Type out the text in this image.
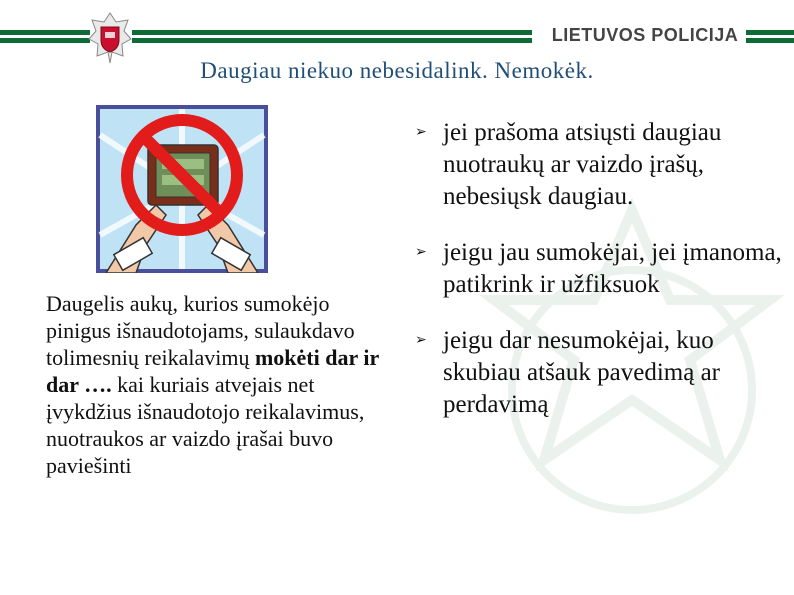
LIETUVOS POLICIJA
Daugiau niekuo nebesidalink. Nemokėk.
Daugelis aukų, kurios sumokėjo pinigus išnaudotojams, sulaukdavo tolimesnių reikalavimų mokėti dar ir dar …. kai kuriais atvejais net įvykdžius išnaudotojo reikalavimus, nuotraukos ar vaizdo įrašai buvo paviešinti
➢ jei prašoma atsiųsti daugiau nuotraukų ar vaizdo įrašų, nebesiųsk daugiau.
➢ jeigu jau sumokėjai, jei įmanoma, patikrink ir užfiksuok
➢ jeigu dar nesumokėjai, kuo skubiau atšauk pavedimą ar perdavimą
